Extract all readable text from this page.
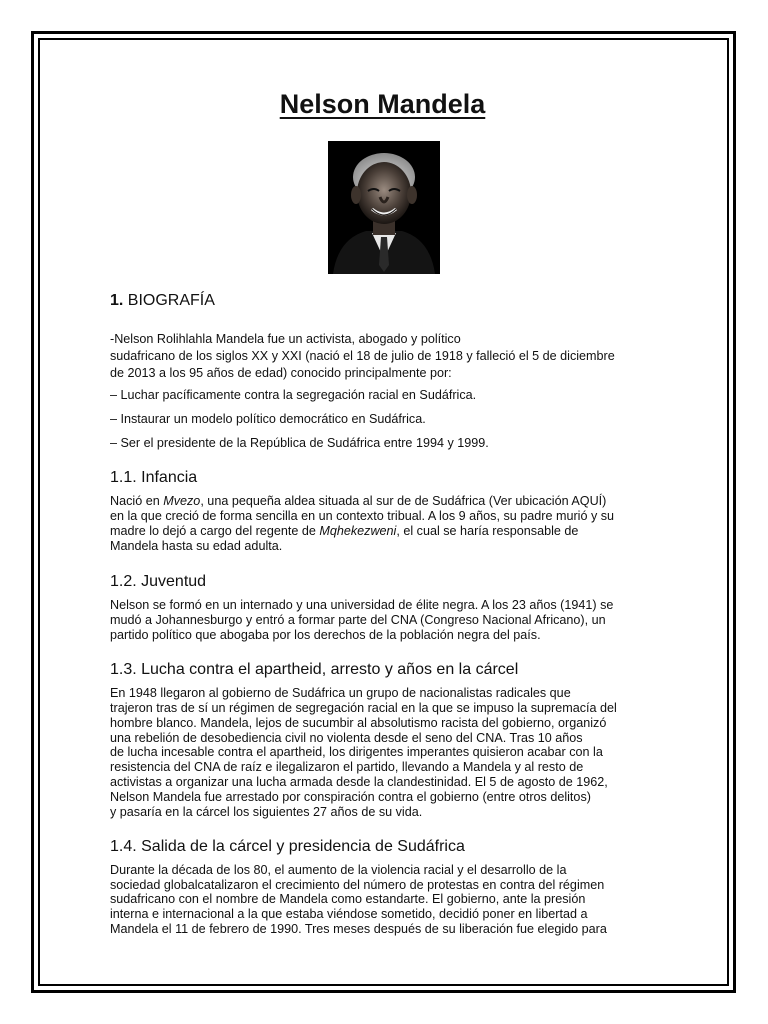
Nelson Mandela
1. BIOGRAFÍA

-Nelson Rolihlahla Mandela fue un activista, abogado y político

sudafricano de los siglos XX y XXI (nació el 18 de julio de 1918 y falleció el 5 de diciembre

de 2013 a los 95 años de edad) conocido principalmente por:

– Luchar pacíficamente contra la segregación racial en Sudáfrica.

– Instaurar un modelo político democrático en Sudáfrica.

– Ser el presidente de la República de Sudáfrica entre 1994 y 1999.

1.1. Infancia

Nació en Mvezo, una pequeña aldea situada al sur de de Sudáfrica (Ver ubicación AQUÍ)

en la que creció de forma sencilla en un contexto tribual. A los 9 años, su padre murió y su

madre lo dejó a cargo del regente de Mqhekezweni, el cual se haría responsable de

Mandela hasta su edad adulta.

1.2. Juventud

Nelson se formó en un internado y una universidad de élite negra. A los 23 años (1941) se

mudó a Johannesburgo y entró a formar parte del CNA (Congreso Nacional Africano), un

partido político que abogaba por los derechos de la población negra del país.

1.3. Lucha contra el apartheid, arresto y años en la cárcel

En 1948 llegaron al gobierno de Sudáfrica un grupo de nacionalistas radicales que

trajeron tras de sí un régimen de segregación racial en la que se impuso la supremacía del

hombre blanco. Mandela, lejos de sucumbir al absolutismo racista del gobierno, organizó

una rebelión de desobediencia civil no violenta desde el seno del CNA. Tras 10 años

de lucha incesable contra el apartheid, los dirigentes imperantes quisieron acabar con la

resistencia del CNA de raíz e ilegalizaron el partido, llevando a Mandela y al resto de

activistas a organizar una lucha armada desde la clandestinidad. El 5 de agosto de 1962,

Nelson Mandela fue arrestado por conspiración contra el gobierno (entre otros delitos)

y pasaría en la cárcel los siguientes 27 años de su vida.

1.4. Salida de la cárcel y presidencia de Sudáfrica

Durante la década de los 80, el aumento de la violencia racial y el desarrollo de la

sociedad globalcatalizaron el crecimiento del número de protestas en contra del régimen

sudafricano con el nombre de Mandela como estandarte. El gobierno, ante la presión

interna e internacional a la que estaba viéndose sometido, decidió poner en libertad a

Mandela el 11 de febrero de 1990. Tres meses después de su liberación fue elegido para
